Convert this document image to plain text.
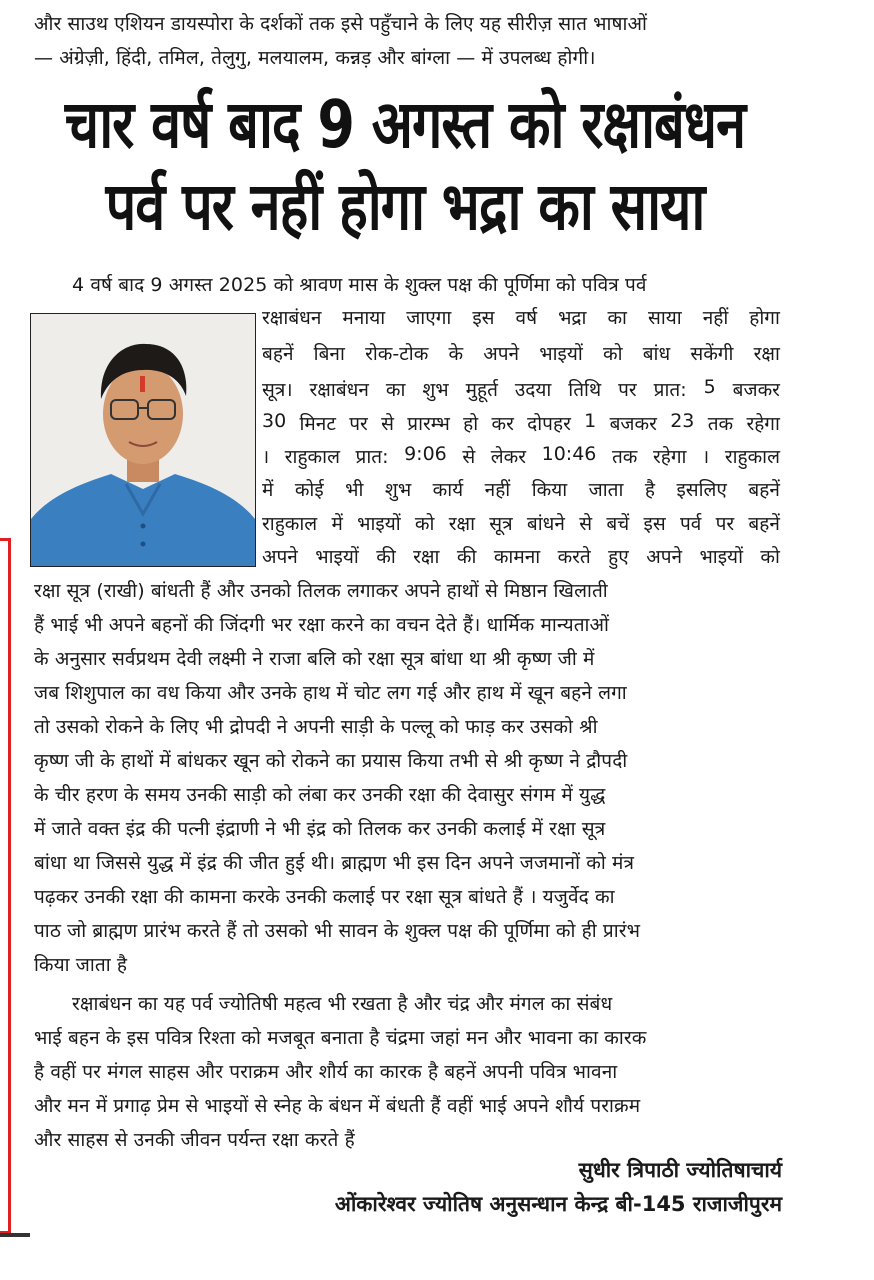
और साउथ एशियन डायस्पोरा के दर्शकों तक इसे पहुँचाने के लिए यह सीरीज़ सात भाषाओं
— अंग्रेज़ी, हिंदी, तमिल, तेलुगु, मलयालम, कन्नड़ और बांग्ला — में उपलब्ध होगी।
चार वर्ष बाद 9 अगस्त को रक्षाबंधन
पर्व पर नहीं होगा भद्रा का साया
4 वर्ष बाद 9 अगस्त 2025 को श्रावण मास के शुक्ल पक्ष की पूर्णिमा को पवित्र पर्व
रक्षाबंधन मनाया जाएगा इस वर्ष भद्रा का साया नहीं होगा
बहनें बिना रोक-टोक के अपने भाइयों को बांध सकेंगी रक्षा
सूत्र। रक्षाबंधन का शुभ मुहूर्त उदया तिथि पर प्रात: 5 बजकर
30 मिनट पर से प्रारम्भ हो कर दोपहर 1 बजकर 23 तक रहेगा
। राहुकाल प्रात: 9:06 से लेकर 10:46 तक रहेगा । राहुकाल
में कोई भी शुभ कार्य नहीं किया जाता है इसलिए बहनें
राहुकाल में भाइयों को रक्षा सूत्र बांधने से बचें इस पर्व पर बहनें
अपने भाइयों की रक्षा की कामना करते हुए अपने भाइयों को
रक्षा सूत्र (राखी) बांधती हैं और उनको तिलक लगाकर अपने हाथों से मिष्ठान खिलाती
हैं भाई भी अपने बहनों की जिंदगी भर रक्षा करने का वचन देते हैं। धार्मिक मान्यताओं
के अनुसार सर्वप्रथम देवी लक्ष्मी ने राजा बलि को रक्षा सूत्र बांधा था श्री कृष्ण जी में
जब शिशुपाल का वध किया और उनके हाथ में चोट लग गई और हाथ में खून बहने लगा
तो उसको रोकने के लिए भी द्रोपदी ने अपनी साड़ी के पल्लू को फाड़ कर उसको श्री
कृष्ण जी के हाथों में बांधकर खून को रोकने का प्रयास किया तभी से श्री कृष्ण ने द्रौपदी
के चीर हरण के समय उनकी साड़ी को लंबा कर उनकी रक्षा की देवासुर संगम में युद्ध
में जाते वक्त इंद्र की पत्नी इंद्राणी ने भी इंद्र को तिलक कर उनकी कलाई में रक्षा सूत्र
बांधा था जिससे युद्ध में इंद्र की जीत हुई थी। ब्राह्मण भी इस दिन अपने जजमानों को मंत्र
पढ़कर उनकी रक्षा की कामना करके उनकी कलाई पर रक्षा सूत्र बांधते हैं । यजुर्वेद का
पाठ जो ब्राह्मण प्रारंभ करते हैं तो उसको भी सावन के शुक्ल पक्ष की पूर्णिमा को ही प्रारंभ
किया जाता है
रक्षाबंधन का यह पर्व ज्योतिषी महत्व भी रखता है और चंद्र और मंगल का संबंध
भाई बहन के इस पवित्र रिश्ता को मजबूत बनाता है चंद्रमा जहां मन और भावना का कारक
है वहीं पर मंगल साहस और पराक्रम और शौर्य का कारक है बहनें अपनी पवित्र भावना
और मन में प्रगाढ़ प्रेम से भाइयों से स्नेह के बंधन में बंधती हैं वहीं भाई अपने शौर्य पराक्रम
और साहस से उनकी जीवन पर्यन्त रक्षा करते हैं
सुधीर त्रिपाठी ज्योतिषाचार्य
ओंकारेश्वर ज्योतिष अनुसन्धान केन्द्र बी-145 राजाजीपुरम
